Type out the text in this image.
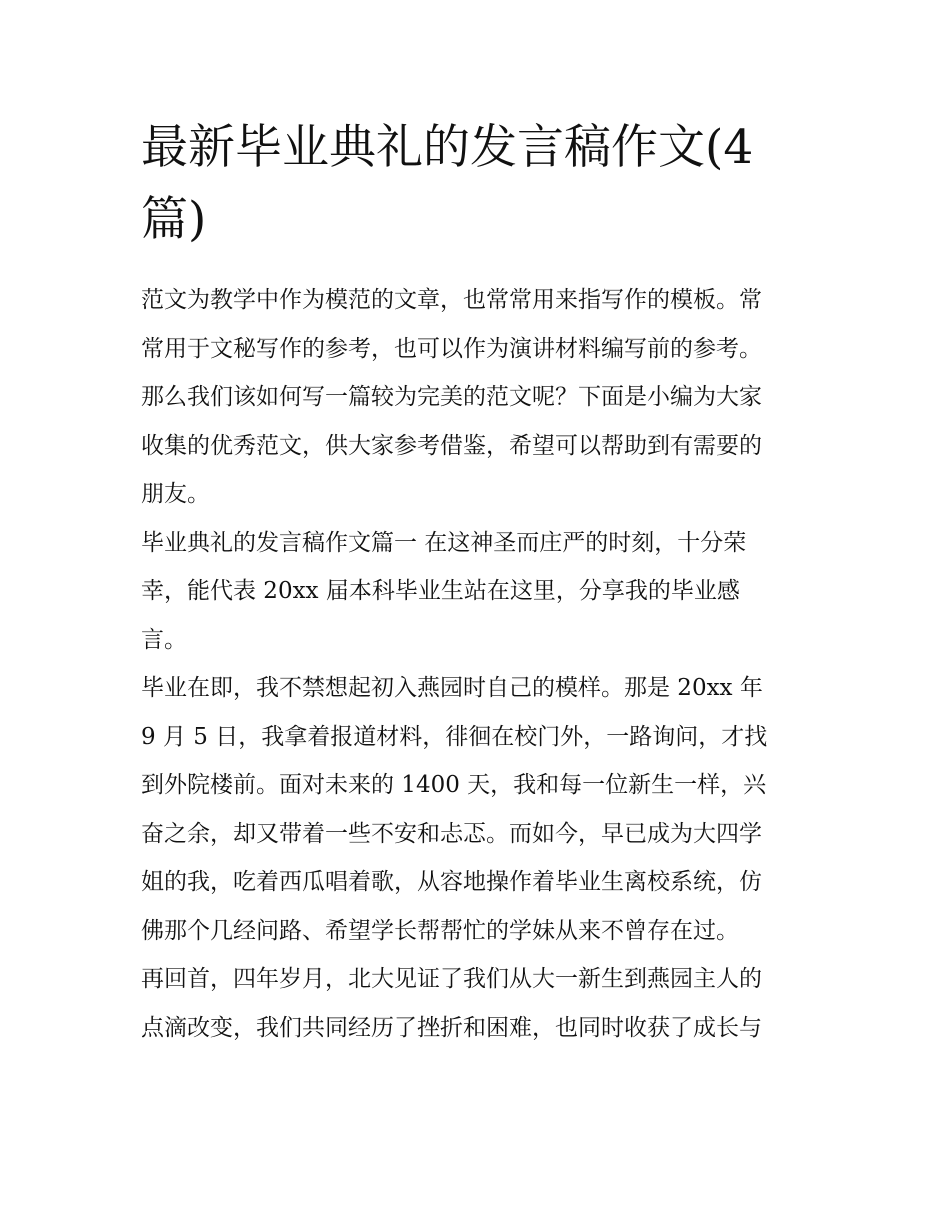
最新毕业典礼的发言稿作文(4
篇)

范文为教学中作为模范的文章，也常常用来指写作的模板。常

常用于文秘写作的参考，也可以作为演讲材料编写前的参考。

那么我们该如何写一篇较为完美的范文呢？下面是小编为大家

收集的优秀范文，供大家参考借鉴，希望可以帮助到有需要的

朋友。

毕业典礼的发言稿作文篇一 在这神圣而庄严的时刻，十分荣

幸，能代表 20xx 届本科毕业生站在这里，分享我的毕业感

言。

毕业在即，我不禁想起初入燕园时自己的模样。那是 20xx 年

9 月 5 日，我拿着报道材料，徘徊在校门外，一路询问，才找

到外院楼前。面对未来的 1400 天，我和每一位新生一样，兴

奋之余，却又带着一些不安和忐忑。而如今，早已成为大四学

姐的我，吃着西瓜唱着歌，从容地操作着毕业生离校系统，仿

佛那个几经问路、希望学长帮帮忙的学妹从来不曾存在过。

再回首，四年岁月，北大见证了我们从大一新生到燕园主人的

点滴改变，我们共同经历了挫折和困难，也同时收获了成长与
